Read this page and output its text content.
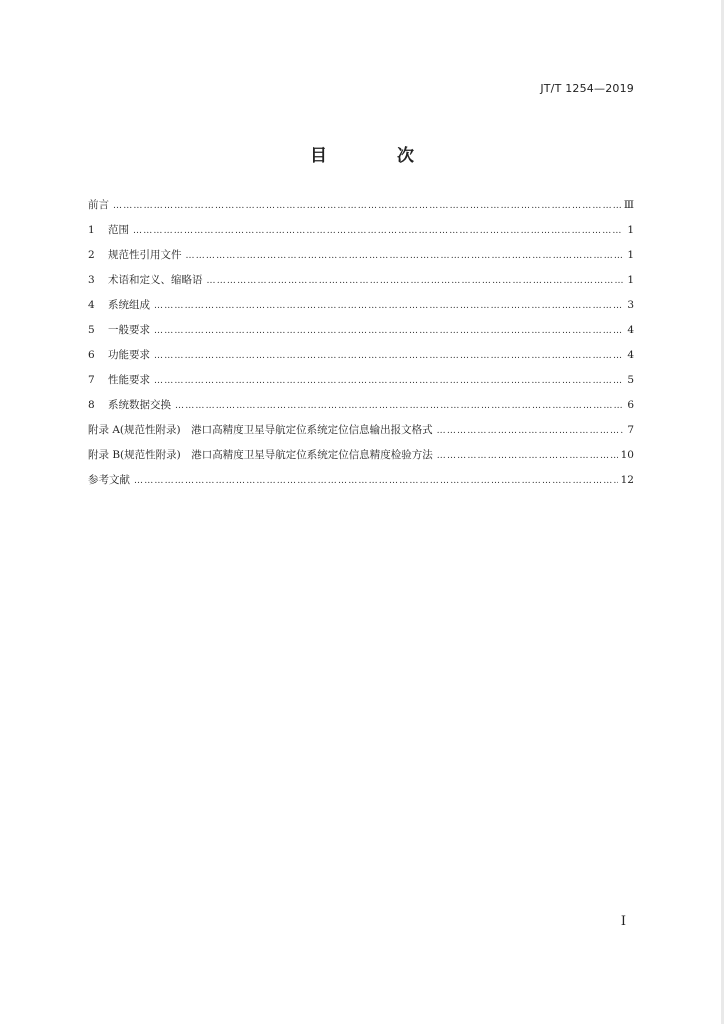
JT/T 1254—2019
目 次
前言 ……………………………………………………………………………………………………………………………………………………………………………………	Ⅲ
1 范围 ……………………………………………………………………………………………………………………………………………………………………………………	1
2 规范性引用文件 ……………………………………………………………………………………………………………………………………………………………………………………	1
3 术语和定义、缩略语 ……………………………………………………………………………………………………………………………………………………………………………………	1
4 系统组成 ……………………………………………………………………………………………………………………………………………………………………………………	3
5 一般要求 ……………………………………………………………………………………………………………………………………………………………………………………	4
6 功能要求 ……………………………………………………………………………………………………………………………………………………………………………………	4
7 性能要求 ……………………………………………………………………………………………………………………………………………………………………………………	5
8 系统数据交换 ……………………………………………………………………………………………………………………………………………………………………………………	6
附录 A(规范性附录)　港口高精度卫星导航定位系统定位信息输出报文格式 ……………………………………………………………………………………………………………………………………………………………………………………	7
附录 B(规范性附录)　港口高精度卫星导航定位系统定位信息精度检验方法 ……………………………………………………………………………………………………………………………………………………………………………………	10
参考文献 ……………………………………………………………………………………………………………………………………………………………………………………	12
I
